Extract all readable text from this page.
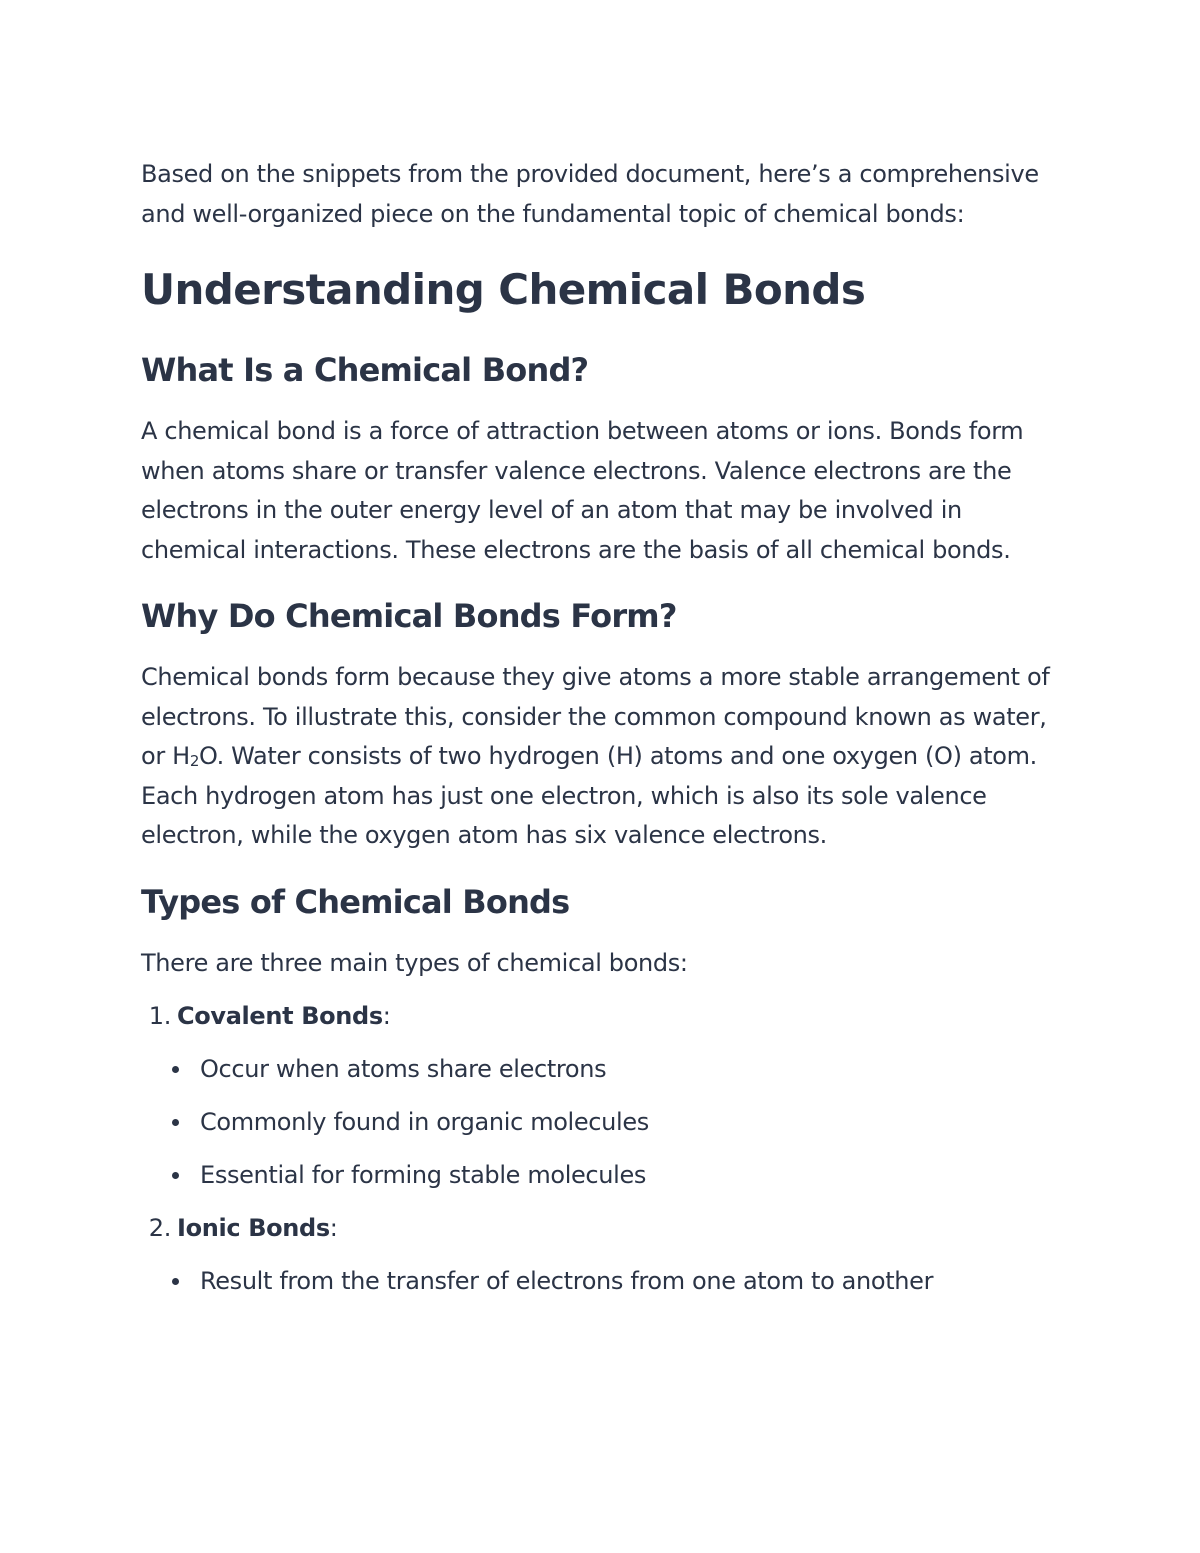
Based on the snippets from the provided document, here’s a comprehensive and well-organized piece on the fundamental topic of chemical bonds:

Understanding Chemical Bonds
What Is a Chemical Bond?

A chemical bond is a force of attraction between atoms or ions. Bonds form when atoms share or transfer valence electrons. Valence electrons are the electrons in the outer energy level of an atom that may be involved in chemical interactions. These electrons are the basis of all chemical bonds.

Why Do Chemical Bonds Form?

Chemical bonds form because they give atoms a more stable arrangement of electrons. To illustrate this, consider the common compound known as water, or $H_2O$. Water consists of two hydrogen (H) atoms and one oxygen (O) atom. Each hydrogen atom has just one electron, which is also its sole valence electron, while the oxygen atom has six valence electrons.

Types of Chemical Bonds

There are three main types of chemical bonds:

1. Covalent Bonds:
Occur when atoms share electrons
Commonly found in organic molecules
Essential for forming stable molecules
2. Ionic Bonds:
Result from the transfer of electrons from one atom to another
